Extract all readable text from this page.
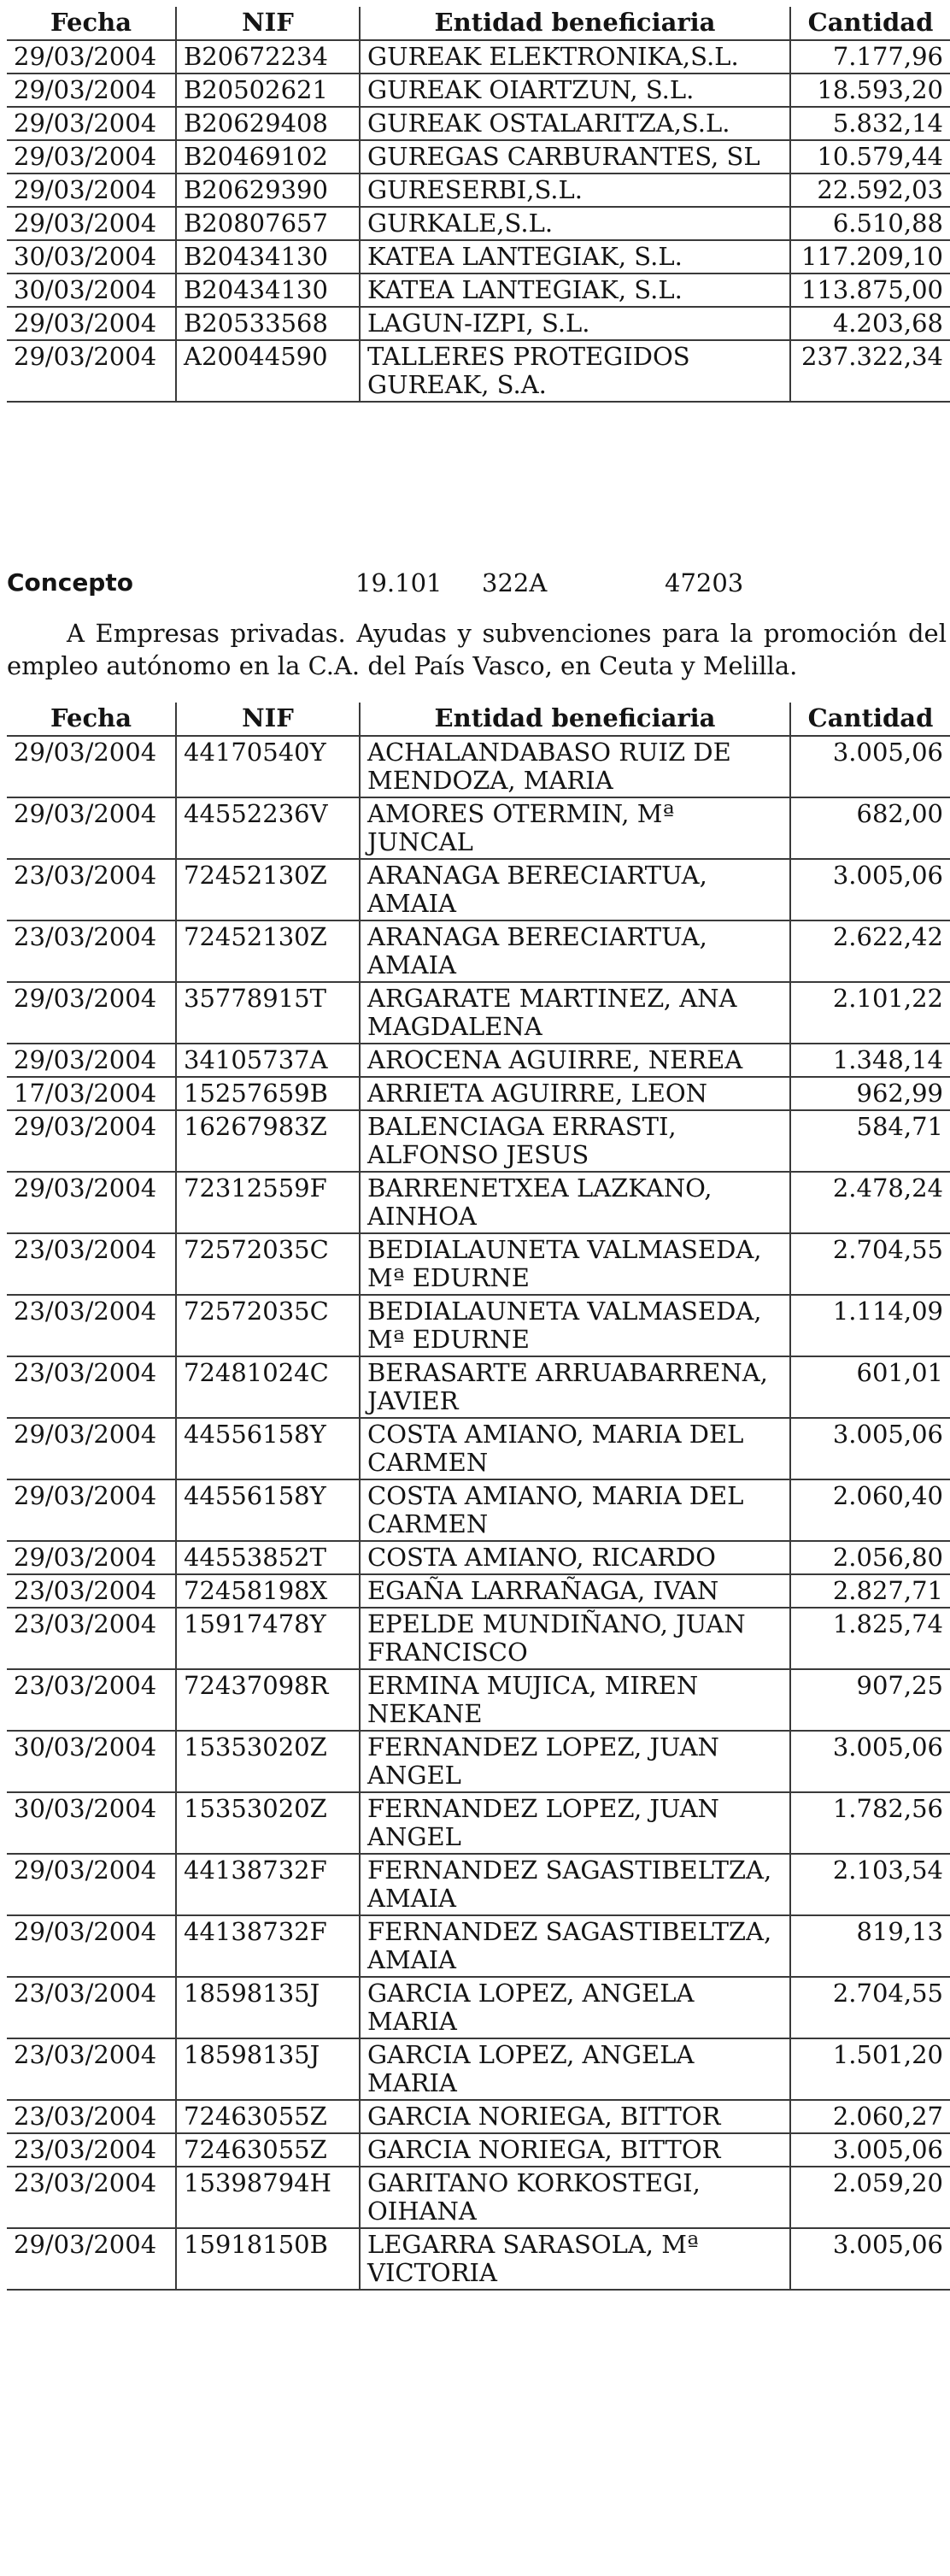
Fecha	NIF	Entidad beneficiaria	Cantidad
29/03/2004	B20672234	GUREAK ELEKTRONIKA,S.L.	7.177,96
29/03/2004	B20502621	GUREAK OIARTZUN, S.L.	18.593,20
29/03/2004	B20629408	GUREAK OSTALARITZA,S.L.	5.832,14
29/03/2004	B20469102	GUREGAS CARBURANTES, SL	10.579,44
29/03/2004	B20629390	GURESERBI,S.L.	22.592,03
29/03/2004	B20807657	GURKALE,S.L.	6.510,88
30/03/2004	B20434130	KATEA LANTEGIAK, S.L.	117.209,10
30/03/2004	B20434130	KATEA LANTEGIAK, S.L.	113.875,00
29/03/2004	B20533568	LAGUN-IZPI, S.L.	4.203,68
29/03/2004	A20044590	TALLERES PROTEGIDOS GUREAK, S.A.	237.322,34
Concepto	19.101 322A	47203
A Empresas privadas. Ayudas y subvenciones para la promoción del empleo autónomo en la C.A. del País Vasco, en Ceuta y Melilla.
Fecha	NIF	Entidad beneficiaria	Cantidad
29/03/2004	44170540Y	ACHALANDABASO RUIZ DE MENDOZA, MARIA	3.005,06
29/03/2004	44552236V	AMORES OTERMIN, Mª JUNCAL	682,00
23/03/2004	72452130Z	ARANAGA BERECIARTUA, AMAIA	3.005,06
23/03/2004	72452130Z	ARANAGA BERECIARTUA, AMAIA	2.622,42
29/03/2004	35778915T	ARGARATE MARTINEZ, ANA MAGDALENA	2.101,22
29/03/2004	34105737A	AROCENA AGUIRRE, NEREA	1.348,14
17/03/2004	15257659B	ARRIETA AGUIRRE, LEON	962,99
29/03/2004	16267983Z	BALENCIAGA ERRASTI, ALFONSO JESUS	584,71
29/03/2004	72312559F	BARRENETXEA LAZKANO, AINHOA	2.478,24
23/03/2004	72572035C	BEDIALAUNETA VALMASEDA, Mª EDURNE	2.704,55
23/03/2004	72572035C	BEDIALAUNETA VALMASEDA, Mª EDURNE	1.114,09
23/03/2004	72481024C	BERASARTE ARRUABARRENA, JAVIER	601,01
29/03/2004	44556158Y	COSTA AMIANO, MARIA DEL CARMEN	3.005,06
29/03/2004	44556158Y	COSTA AMIANO, MARIA DEL CARMEN	2.060,40
29/03/2004	44553852T	COSTA AMIANO, RICARDO	2.056,80
23/03/2004	72458198X	EGAÑA LARRAÑAGA, IVAN	2.827,71
23/03/2004	15917478Y	EPELDE MUNDIÑANO, JUAN FRANCISCO	1.825,74
23/03/2004	72437098R	ERMINA MUJICA, MIREN NEKANE	907,25
30/03/2004	15353020Z	FERNANDEZ LOPEZ, JUAN ANGEL	3.005,06
30/03/2004	15353020Z	FERNANDEZ LOPEZ, JUAN ANGEL	1.782,56
29/03/2004	44138732F	FERNANDEZ SAGASTIBELTZA, AMAIA	2.103,54
29/03/2004	44138732F	FERNANDEZ SAGASTIBELTZA, AMAIA	819,13
23/03/2004	18598135J	GARCIA LOPEZ, ANGELA MARIA	2.704,55
23/03/2004	18598135J	GARCIA LOPEZ, ANGELA MARIA	1.501,20
23/03/2004	72463055Z	GARCIA NORIEGA, BITTOR	2.060,27
23/03/2004	72463055Z	GARCIA NORIEGA, BITTOR	3.005,06
23/03/2004	15398794H	GARITANO KORKOSTEGI, OIHANA	2.059,20
29/03/2004	15918150B	LEGARRA SARASOLA, Mª VICTORIA	3.005,06
